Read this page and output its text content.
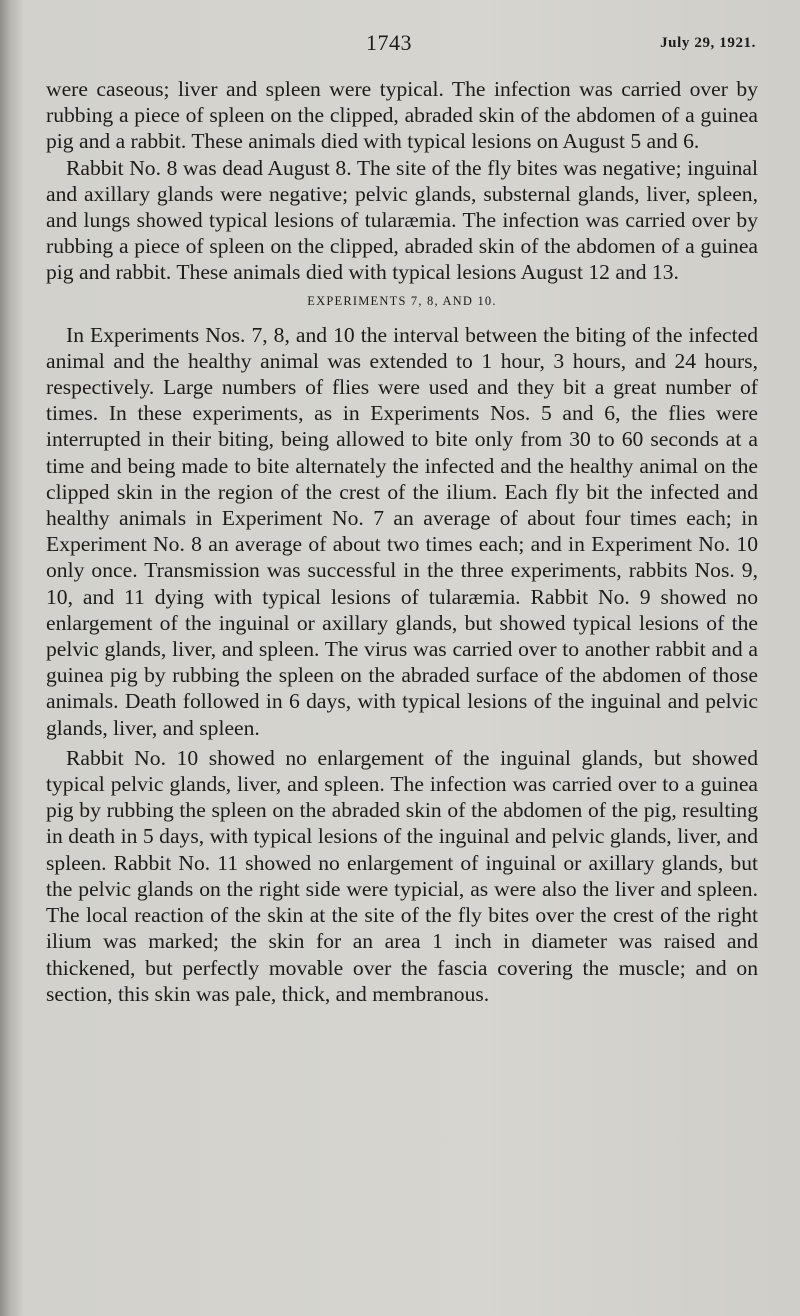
1743	July 29, 1921.

were caseous; liver and spleen were typical. The infection was carried over by rubbing a piece of spleen on the clipped, abraded skin of the abdomen of a guinea pig and a rabbit. These animals died with typical lesions on August 5 and 6.

Rabbit No. 8 was dead August 8. The site of the fly bites was negative; inguinal and axillary glands were negative; pelvic glands, substernal glands, liver, spleen, and lungs showed typical lesions of tularæmia. The infection was carried over by rubbing a piece of spleen on the clipped, abraded skin of the abdomen of a guinea pig and rabbit. These animals died with typical lesions August 12 and 13.

EXPERIMENTS 7, 8, AND 10.

In Experiments Nos. 7, 8, and 10 the interval between the biting of the infected animal and the healthy animal was extended to 1 hour, 3 hours, and 24 hours, respectively. Large numbers of flies were used and they bit a great number of times. In these experiments, as in Experiments Nos. 5 and 6, the flies were interrupted in their biting, being allowed to bite only from 30 to 60 seconds at a time and being made to bite alternately the infected and the healthy animal on the clipped skin in the region of the crest of the ilium. Each fly bit the infected and healthy animals in Experiment No. 7 an average of about four times each; in Experiment No. 8 an average of about two times each; and in Experiment No. 10 only once. Transmission was successful in the three experiments, rabbits Nos. 9, 10, and 11 dying with typical lesions of tularæmia. Rabbit No. 9 showed no enlargement of the inguinal or axillary glands, but showed typical lesions of the pelvic glands, liver, and spleen. The virus was carried over to another rabbit and a guinea pig by rubbing the spleen on the abraded surface of the abdomen of those animals. Death followed in 6 days, with typical lesions of the inguinal and pelvic glands, liver, and spleen.

Rabbit No. 10 showed no enlargement of the inguinal glands, but showed typical pelvic glands, liver, and spleen. The infection was carried over to a guinea pig by rubbing the spleen on the abraded skin of the abdomen of the pig, resulting in death in 5 days, with typical lesions of the inguinal and pelvic glands, liver, and spleen. Rabbit No. 11 showed no enlargement of inguinal or axillary glands, but the pelvic glands on the right side were typicial, as were also the liver and spleen. The local reaction of the skin at the site of the fly bites over the crest of the right ilium was marked; the skin for an area 1 inch in diameter was raised and thickened, but perfectly movable over the fascia covering the muscle; and on section, this skin was pale, thick, and membranous.
